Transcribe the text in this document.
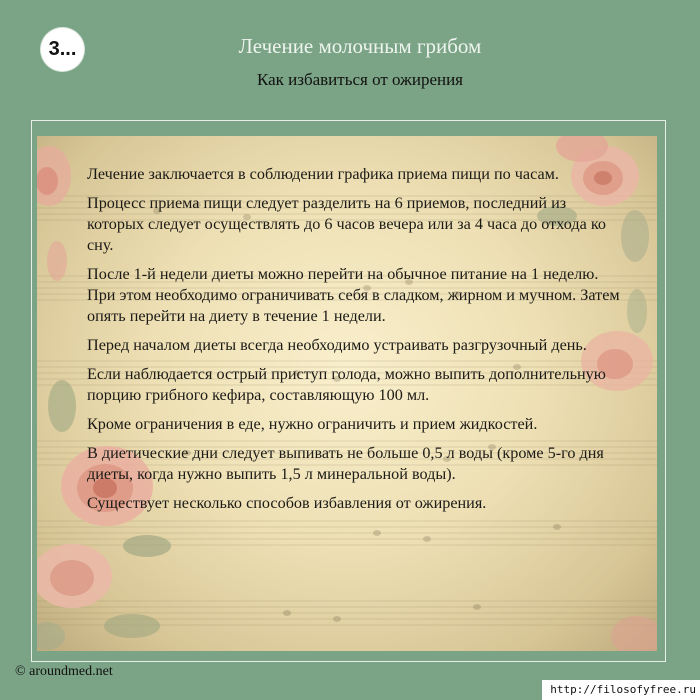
3...	Лечение молочным грибом
Как избавиться от ожирения

Лечение заключается в соблюдении графика приема пищи по часам.

Процесс приема пищи следует разделить на 6 приемов, последний из которых следует осуществлять до 6 часов вечера или за 4 часа до отхода ко сну.

После 1-й недели диеты можно перейти на обычное питание на 1 неделю. При этом необходимо ограничивать себя в сладком, жирном и мучном. Затем опять перейти на диету в течение 1 недели.

Перед началом диеты всегда необходимо устраивать разгрузочный день.

Если наблюдается острый приступ голода, можно выпить дополнительную порцию грибного кефира, составляющую 100 мл.

Кроме ограничения в еде, нужно ограничить и прием жидкостей.

В диетические дни следует выпивать не больше 0,5 л воды (кроме 5-го дня диеты, когда нужно выпить 1,5 л минеральной воды).

Существует несколько способов избавления от ожирения.

© aroundmed.net
http://filosofyfree.ru
